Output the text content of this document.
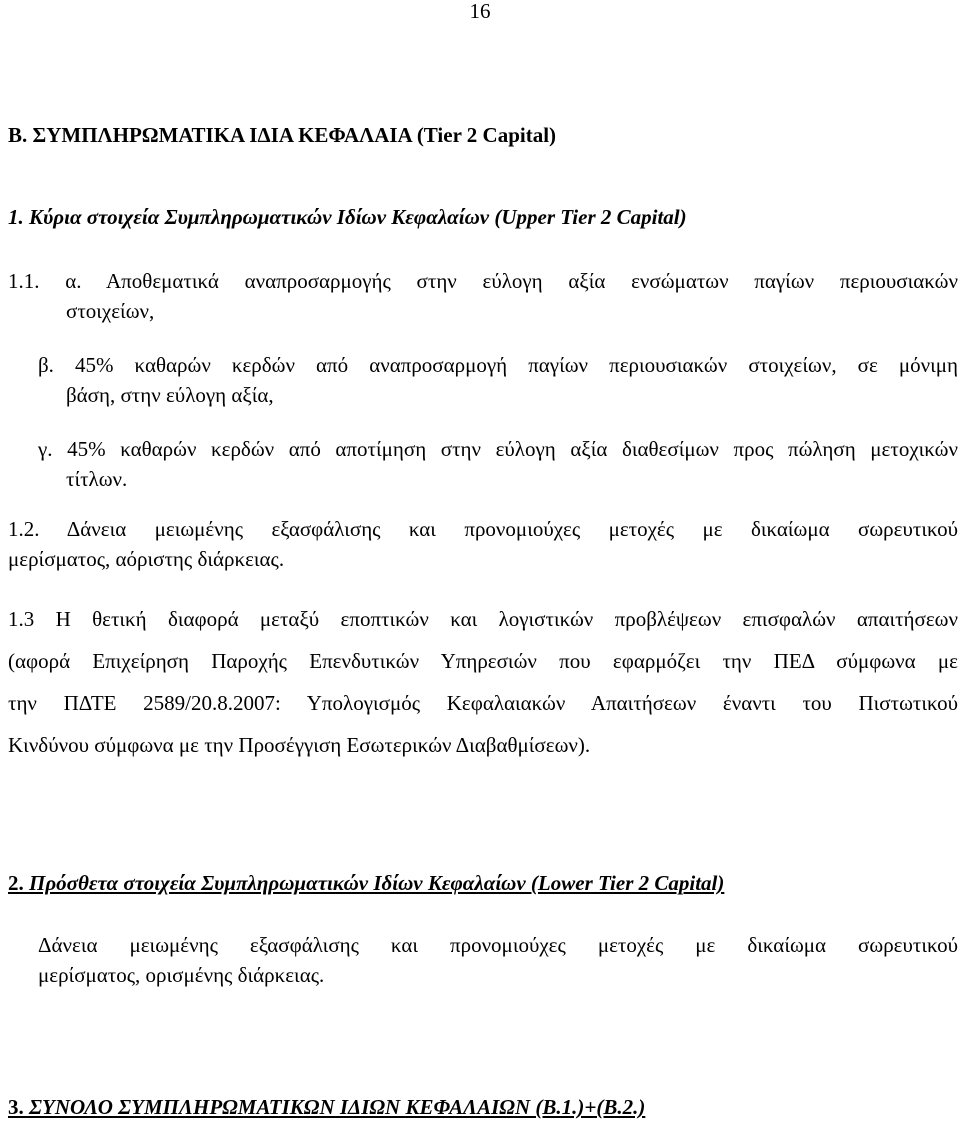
16
B. ΣΥΜΠΛΗΡΩΜΑΤΙΚΑ ΙΔΙΑ ΚΕΦΑΛΑΙΑ (Tier 2 Capital)
1. Κύρια στοιχεία Συμπληρωματικών Ιδίων Κεφαλαίων (Upper Tier 2 Capital)
1.1. α. Αποθεματικά αναπροσαρμογής στην εύλογη αξία ενσώματων παγίων περιουσιακών
στοιχείων,
β. 45% καθαρών κερδών από αναπροσαρμογή παγίων περιουσιακών στοιχείων, σε μόνιμη
βάση, στην εύλογη αξία,
γ. 45% καθαρών κερδών από αποτίμηση στην εύλογη αξία διαθεσίμων προς πώληση μετοχικών
τίτλων.
1.2. Δάνεια μειωμένης εξασφάλισης και προνομιούχες μετοχές με δικαίωμα σωρευτικού
μερίσματος, αόριστης διάρκειας.
1.3 Η θετική διαφορά μεταξύ εποπτικών και λογιστικών προβλέψεων επισφαλών απαιτήσεων
(αφορά Επιχείρηση Παροχής Επενδυτικών Υπηρεσιών που εφαρμόζει την ΠΕΔ σύμφωνα με
την ΠΔΤΕ 2589/20.8.2007: Υπολογισμός Κεφαλαιακών Απαιτήσεων έναντι του Πιστωτικού
Κινδύνου σύμφωνα με την Προσέγγιση Εσωτερικών Διαβαθμίσεων).
2. Πρόσθετα στοιχεία Συμπληρωματικών Ιδίων Κεφαλαίων (Lower Tier 2 Capital)
Δάνεια μειωμένης εξασφάλισης και προνομιούχες μετοχές με δικαίωμα σωρευτικού
μερίσματος, ορισμένης διάρκειας.
3. ΣΥΝΟΛΟ ΣΥΜΠΛΗΡΩΜΑΤΙΚΩΝ ΙΔΙΩΝ ΚΕΦΑΛΑΙΩΝ (Β.1.)+(Β.2.)
